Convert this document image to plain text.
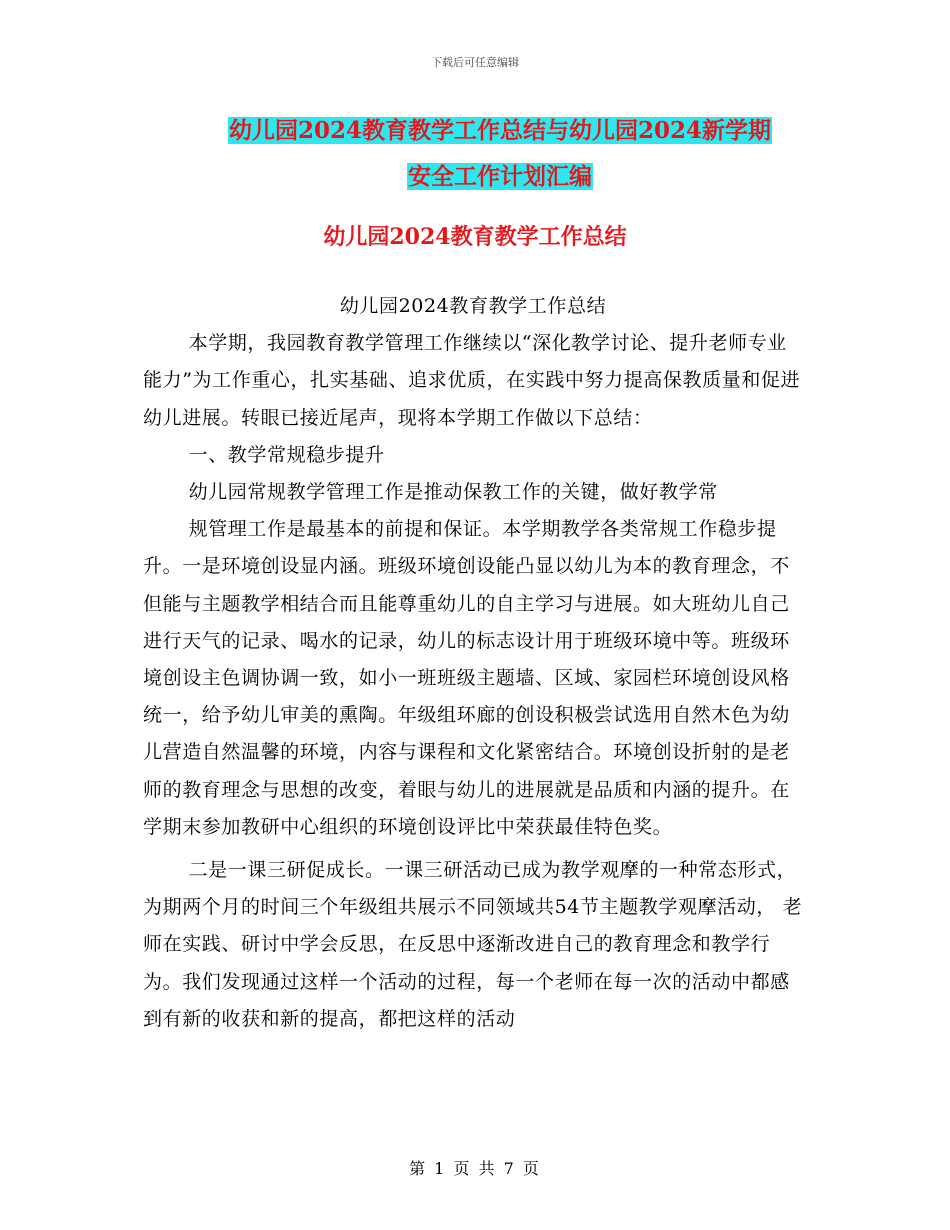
下载后可任意编辑
幼儿园2024教育教学工作总结与幼儿园2024新学期
安全工作计划汇编
幼儿园2024教育教学工作总结

幼儿园2024教育教学工作总结

本学期，我园教育教学管理工作继续以“深化教学讨论、提升老师专业能力”为工作重心，扎实基础、追求优质，在实践中努力提高保教质量和促进幼儿进展。转眼已接近尾声，现将本学期工作做以下总结：

一、教学常规稳步提升

幼儿园常规教学管理工作是推动保教工作的关键，做好教学常

规管理工作是最基本的前提和保证。本学期教学各类常规工作稳步提升。一是环境创设显内涵。班级环境创设能凸显以幼儿为本的教育理念，不但能与主题教学相结合而且能尊重幼儿的自主学习与进展。如大班幼儿自己进行天气的记录、喝水的记录，幼儿的标志设计用于班级环境中等。班级环境创设主色调协调一致，如小一班班级主题墙、区域、家园栏环境创设风格统一，给予幼儿审美的熏陶。年级组环廊的创设积极尝试选用自然木色为幼儿营造自然温馨的环境，内容与课程和文化紧密结合。环境创设折射的是老师的教育理念与思想的改变，着眼与幼儿的进展就是品质和内涵的提升。在学期末参加教研中心组织的环境创设评比中荣获最佳特色奖。

二是一课三研促成长。一课三研活动已成为教学观摩的一种常态形式，为期两个月的时间三个年级组共展示不同领域共54节主题教学观摩活动， 老师在实践、研讨中学会反思，在反思中逐渐改进自己的教育理念和教学行为。我们发现通过这样一个活动的过程，每一个老师在每一次的活动中都感到有新的收获和新的提高，都把这样的活动

第 1 页 共 7 页
